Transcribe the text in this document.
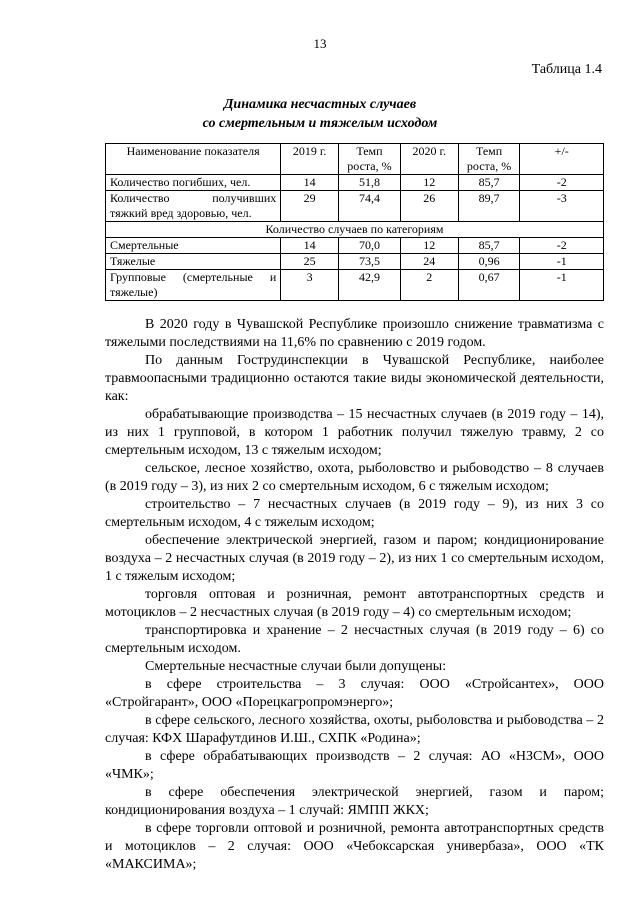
13
Таблица 1.4
Динамика несчастных случаев
со смертельным и тяжелым исходом
Наименование показателя	2019 г.	Темп роста, %	2020 г.	Темп роста, %	+/-
Количество погибших, чел.	14	51,8	12	85,7	-2
Количество получивших тяжкий вред здоровью, чел.	29	74,4	26	89,7	-3
Количество случаев по категориям					
Смертельные	14	70,0	12	85,7	-2
Тяжелые	25	73,5	24	0,96	-1
Групповые (смертельные и тяжелые)	3	42,9	2	0,67	-1

В 2020 году в Чувашской Республике произошло снижение травматизма с тяжелыми последствиями на 11,6% по сравнению с 2019 годом.

По данным Гострудинспекции в Чувашской Республике, наиболее травмоопасными традиционно остаются такие виды экономической деятельности, как:

обрабатывающие производства – 15 несчастных случаев (в 2019 году – 14), из них 1 групповой, в котором 1 работник получил тяжелую травму, 2 со смертельным исходом, 13 с тяжелым исходом;

сельское, лесное хозяйство, охота, рыболовство и рыбоводство – 8 случаев (в 2019 году – 3), из них 2 со смертельным исходом, 6 с тяжелым исходом;

строительство – 7 несчастных случаев (в 2019 году – 9), из них 3 со смертельным исходом, 4 с тяжелым исходом;

обеспечение электрической энергией, газом и паром; кондиционирование воздуха – 2 несчастных случая (в 2019 году – 2), из них 1 со смертельным исходом, 1 с тяжелым исходом;

торговля оптовая и розничная, ремонт автотранспортных средств и мотоциклов – 2 несчастных случая (в 2019 году – 4) со смертельным исходом;

транспортировка и хранение – 2 несчастных случая (в 2019 году – 6) со смертельным исходом.

Смертельные несчастные случаи были допущены:

в сфере строительства – 3 случая: ООО «Стройсантех», ООО «Стройгарант», ООО «Порецкагропромэнерго»;

в сфере сельского, лесного хозяйства, охоты, рыболовства и рыбоводства – 2 случая: КФХ Шарафутдинов И.Ш., СХПК «Родина»;

в сфере обрабатывающих производств – 2 случая: АО «НЗСМ», ООО «ЧМК»;

в сфере обеспечения электрической энергией, газом и паром; кондиционирования воздуха – 1 случай: ЯМПП ЖКХ;

в сфере торговли оптовой и розничной, ремонта автотранспортных средств и мотоциклов – 2 случая: ООО «Чебоксарская универбаза», ООО «ТК «МАКСИМА»;
